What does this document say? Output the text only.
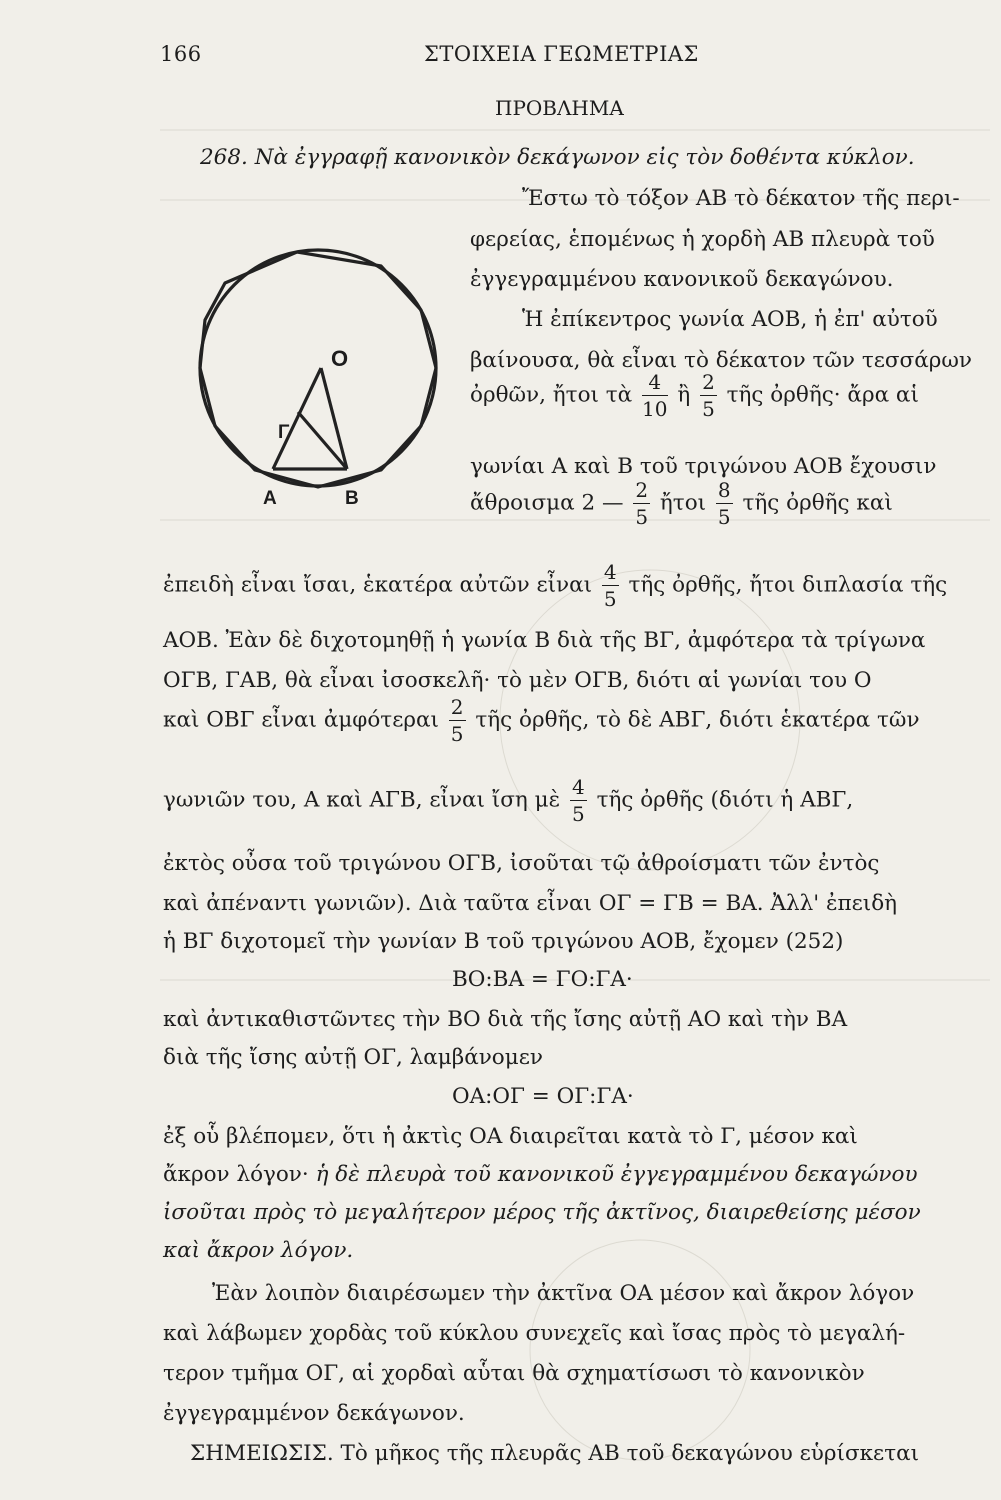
166	ΣΤΟΙΧΕΙΑ ΓΕΩΜΕΤΡΙΑΣ
ΠΡΟΒΛΗΜΑ
268. Νὰ ἐγγραφῇ κανονικὸν δεκάγωνον εἰς τὸν δοθέντα κύκλον.
O
Γ
A	B
Ἔστω τὸ τόξον ΑΒ τὸ δέκατον τῆς περι-
φερείας, ἑπομένως ἡ χορδὴ ΑΒ πλευρὰ τοῦ
ἐγγεγραμμένου κανονικοῦ δεκαγώνου.
Ἡ ἐπίκεντρος γωνία ΑΟΒ, ἡ ἐπ' αὐτοῦ
βαίνουσα, θὰ εἶναι τὸ δέκατον τῶν τεσσάρων
ὀρθῶν, ἤτοι τὰ $\frac{4}{10}$ ἢ $\frac{2}{5}$ τῆς ὀρθῆς· ἄρα αἱ
γωνίαι Α καὶ Β τοῦ τριγώνου ΑΟΒ ἔχουσιν
ἄθροισμα 2 — $\frac{2}{5}$ ἤτοι $\frac{8}{5}$ τῆς ὀρθῆς καὶ
ἐπειδὴ εἶναι ἴσαι, ἑκατέρα αὐτῶν εἶναι $\frac{4}{5}$ τῆς ὀρθῆς, ἤτοι διπλασία τῆς
ΑΟΒ. Ἐὰν δὲ διχοτομηθῇ ἡ γωνία Β διὰ τῆς ΒΓ, ἀμφότερα τὰ τρίγωνα
ΟΓΒ, ΓΑΒ, θὰ εἶναι ἰσοσκελῆ· τὸ μὲν ΟΓΒ, διότι αἱ γωνίαι του Ο
καὶ ΟΒΓ εἶναι ἀμφότεραι $\frac{2}{5}$ τῆς ὀρθῆς, τὸ δὲ ΑΒΓ, διότι ἑκατέρα τῶν
γωνιῶν του, Α καὶ ΑΓΒ, εἶναι ἴση μὲ $\frac{4}{5}$ τῆς ὀρθῆς (διότι ἡ ΑΒΓ,
ἐκτὸς οὖσα τοῦ τριγώνου ΟΓΒ, ἰσοῦται τῷ ἀθροίσματι τῶν ἐντὸς
καὶ ἀπέναντι γωνιῶν). Διὰ ταῦτα εἶναι ΟΓ = ΓΒ = ΒΑ. Ἀλλ' ἐπειδὴ
ἡ ΒΓ διχοτομεῖ τὴν γωνίαν Β τοῦ τριγώνου ΑΟΒ, ἔχομεν (252)
ΒΟ:ΒΑ = ΓΟ:ΓΑ·
καὶ ἀντικαθιστῶντες τὴν ΒΟ διὰ τῆς ἴσης αὐτῇ ΑΟ καὶ τὴν ΒΑ
διὰ τῆς ἴσης αὐτῇ ΟΓ, λαμβάνομεν
ΟΑ:ΟΓ = ΟΓ:ΓΑ·
ἐξ οὗ βλέπομεν, ὅτι ἡ ἀκτὶς ΟΑ διαιρεῖται κατὰ τὸ Γ, μέσον καὶ
ἄκρον λόγον· ἡ δὲ πλευρὰ τοῦ κανονικοῦ ἐγγεγραμμένου δεκαγώνου
ἰσοῦται πρὸς τὸ μεγαλήτερον μέρος τῆς ἀκτῖνος, διαιρεθείσης μέσον
καὶ ἄκρον λόγον.
Ἐὰν λοιπὸν διαιρέσωμεν τὴν ἀκτῖνα ΟΑ μέσον καὶ ἄκρον λόγον
καὶ λάβωμεν χορδὰς τοῦ κύκλου συνεχεῖς καὶ ἴσας πρὸς τὸ μεγαλή-
τερον τμῆμα ΟΓ, αἱ χορδαὶ αὗται θὰ σχηματίσωσι τὸ κανονικὸν
ἐγγεγραμμένον δεκάγωνον.
ΣΗΜΕΙΩΣΙΣ. Τὸ μῆκος τῆς πλευρᾶς ΑΒ τοῦ δεκαγώνου εὑρίσκεται
